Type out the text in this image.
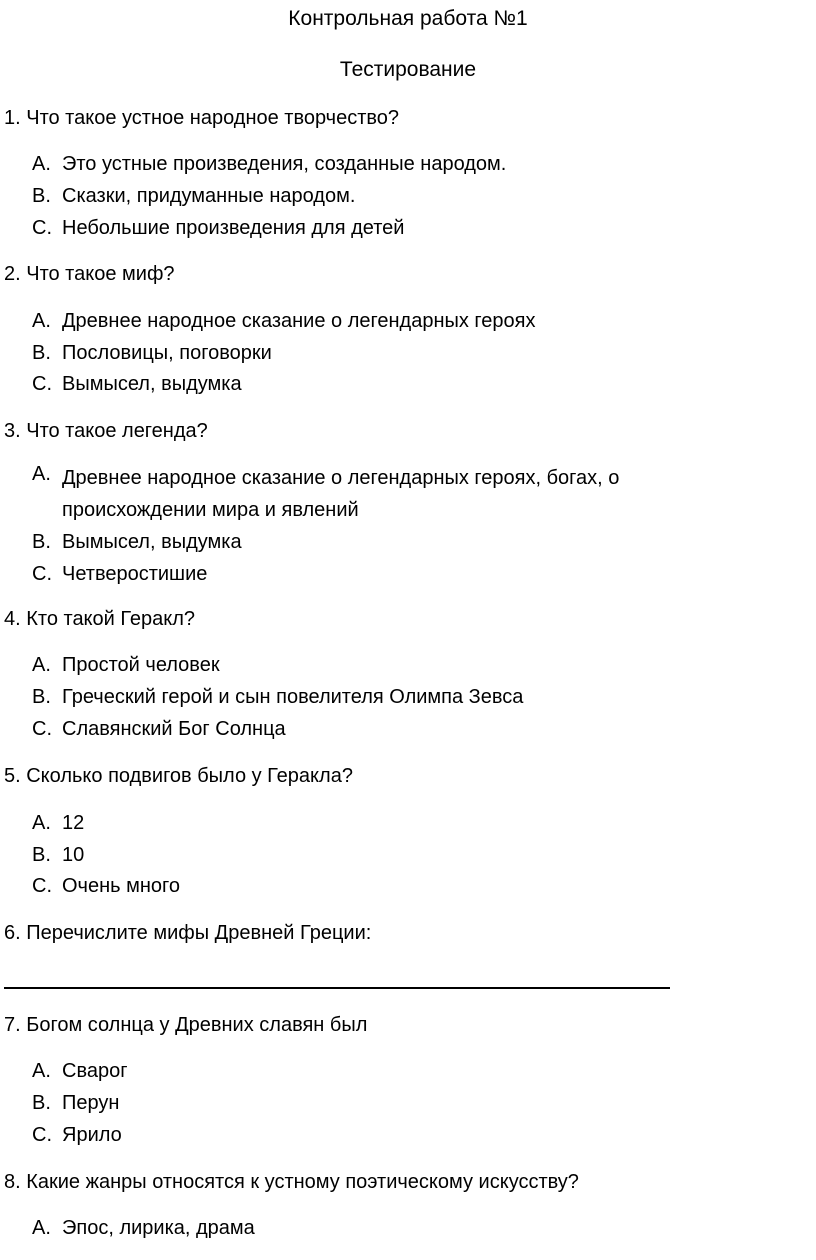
Контрольная работа №1
Тестирование
1. Что такое устное народное творчество?
A. Это устные произведения, созданные народом.
B. Сказки, придуманные народом.
C. Небольшие произведения для детей
2. Что такое миф?
A. Древнее народное сказание о легендарных героях
B. Пословицы, поговорки
C. Вымысел, выдумка
3. Что такое легенда?
A. Древнее народное сказание о легендарных героях, богах, о происхождении мира и явлений
B. Вымысел, выдумка
C. Четверостишие
4. Кто такой Геракл?
A. Простой человек
B. Греческий герой и сын повелителя Олимпа Зевса
C. Славянский Бог Солнца
5. Сколько подвигов было у Геракла?
A. 12
B. 10
C. Очень много
6. Перечислите мифы Древней Греции:
7. Богом солнца у Древних славян был
A. Сварог
B. Перун
C. Ярило
8. Какие жанры относятся к устному поэтическому искусству?
A. Эпос, лирика, драма
